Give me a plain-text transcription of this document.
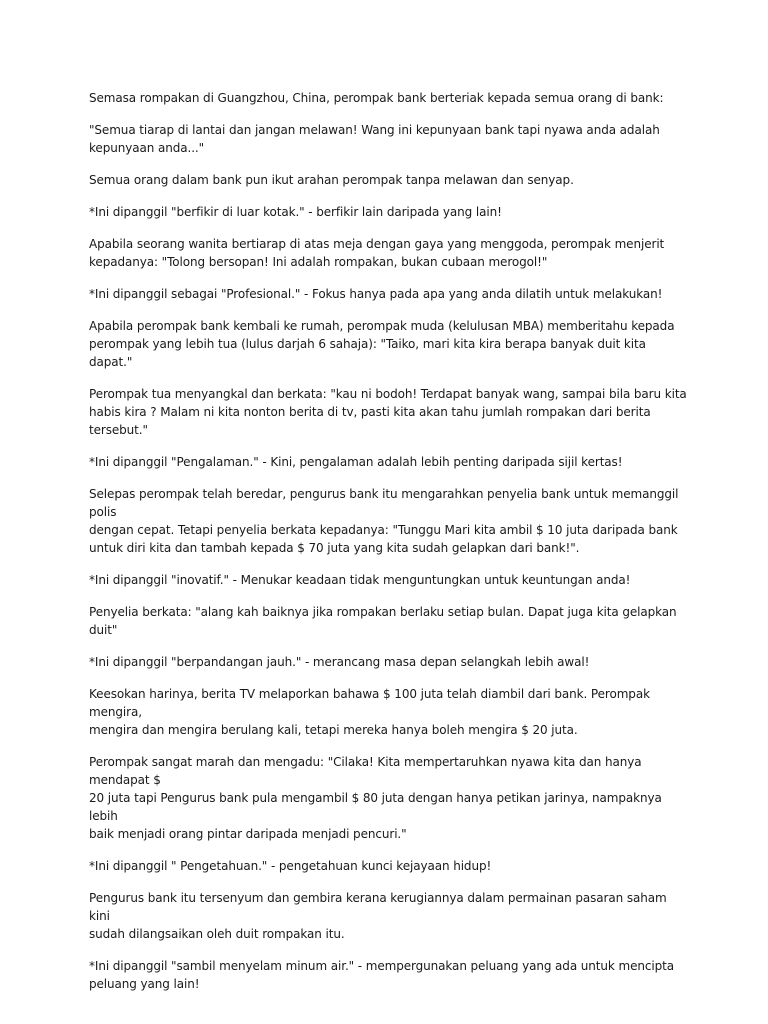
Semasa rompakan di Guangzhou, China, perompak bank berteriak kepada semua orang di bank:

"Semua tiarap di lantai dan jangan melawan! Wang ini kepunyaan bank tapi nyawa anda adalah
kepunyaan anda..."

Semua orang dalam bank pun ikut arahan perompak tanpa melawan dan senyap.

*Ini dipanggil "berfikir di luar kotak." - berfikir lain daripada yang lain!

Apabila seorang wanita bertiarap di atas meja dengan gaya yang menggoda, perompak menjerit
kepadanya: "Tolong bersopan! Ini adalah rompakan, bukan cubaan merogol!"

*Ini dipanggil sebagai "Profesional." - Fokus hanya pada apa yang anda dilatih untuk melakukan!

Apabila perompak bank kembali ke rumah, perompak muda (kelulusan MBA) memberitahu kepada
perompak yang lebih tua (lulus darjah 6 sahaja): "Taiko, mari kita kira berapa banyak duit kita dapat."

Perompak tua menyangkal dan berkata: "kau ni bodoh! Terdapat banyak wang, sampai bila baru kita
habis kira ? Malam ni kita nonton berita di tv, pasti kita akan tahu jumlah rompakan dari berita tersebut."

*Ini dipanggil "Pengalaman." - Kini, pengalaman adalah lebih penting daripada sijil kertas!

Selepas perompak telah beredar, pengurus bank itu mengarahkan penyelia bank untuk memanggil polis
dengan cepat. Tetapi penyelia berkata kepadanya: "Tunggu Mari kita ambil $ 10 juta daripada bank
untuk diri kita dan tambah kepada $ 70 juta yang kita sudah gelapkan dari bank!".

*Ini dipanggil "inovatif." - Menukar keadaan tidak menguntungkan untuk keuntungan anda!

Penyelia berkata: "alang kah baiknya jika rompakan berlaku setiap bulan. Dapat juga kita gelapkan duit"

*Ini dipanggil "berpandangan jauh." - merancang masa depan selangkah lebih awal!

Keesokan harinya, berita TV melaporkan bahawa $ 100 juta telah diambil dari bank. Perompak mengira,
mengira dan mengira berulang kali, tetapi mereka hanya boleh mengira $ 20 juta.

Perompak sangat marah dan mengadu: "Cilaka! Kita mempertaruhkan nyawa kita dan hanya mendapat $
20 juta tapi Pengurus bank pula mengambil $ 80 juta dengan hanya petikan jarinya, nampaknya lebih
baik menjadi orang pintar daripada menjadi pencuri."

*Ini dipanggil " Pengetahuan." - pengetahuan kunci kejayaan hidup!

Pengurus bank itu tersenyum dan gembira kerana kerugiannya dalam permainan pasaran saham kini
sudah dilangsaikan oleh duit rompakan itu.

*Ini dipanggil "sambil menyelam minum air." - mempergunakan peluang yang ada untuk mencipta
peluang yang lain!
